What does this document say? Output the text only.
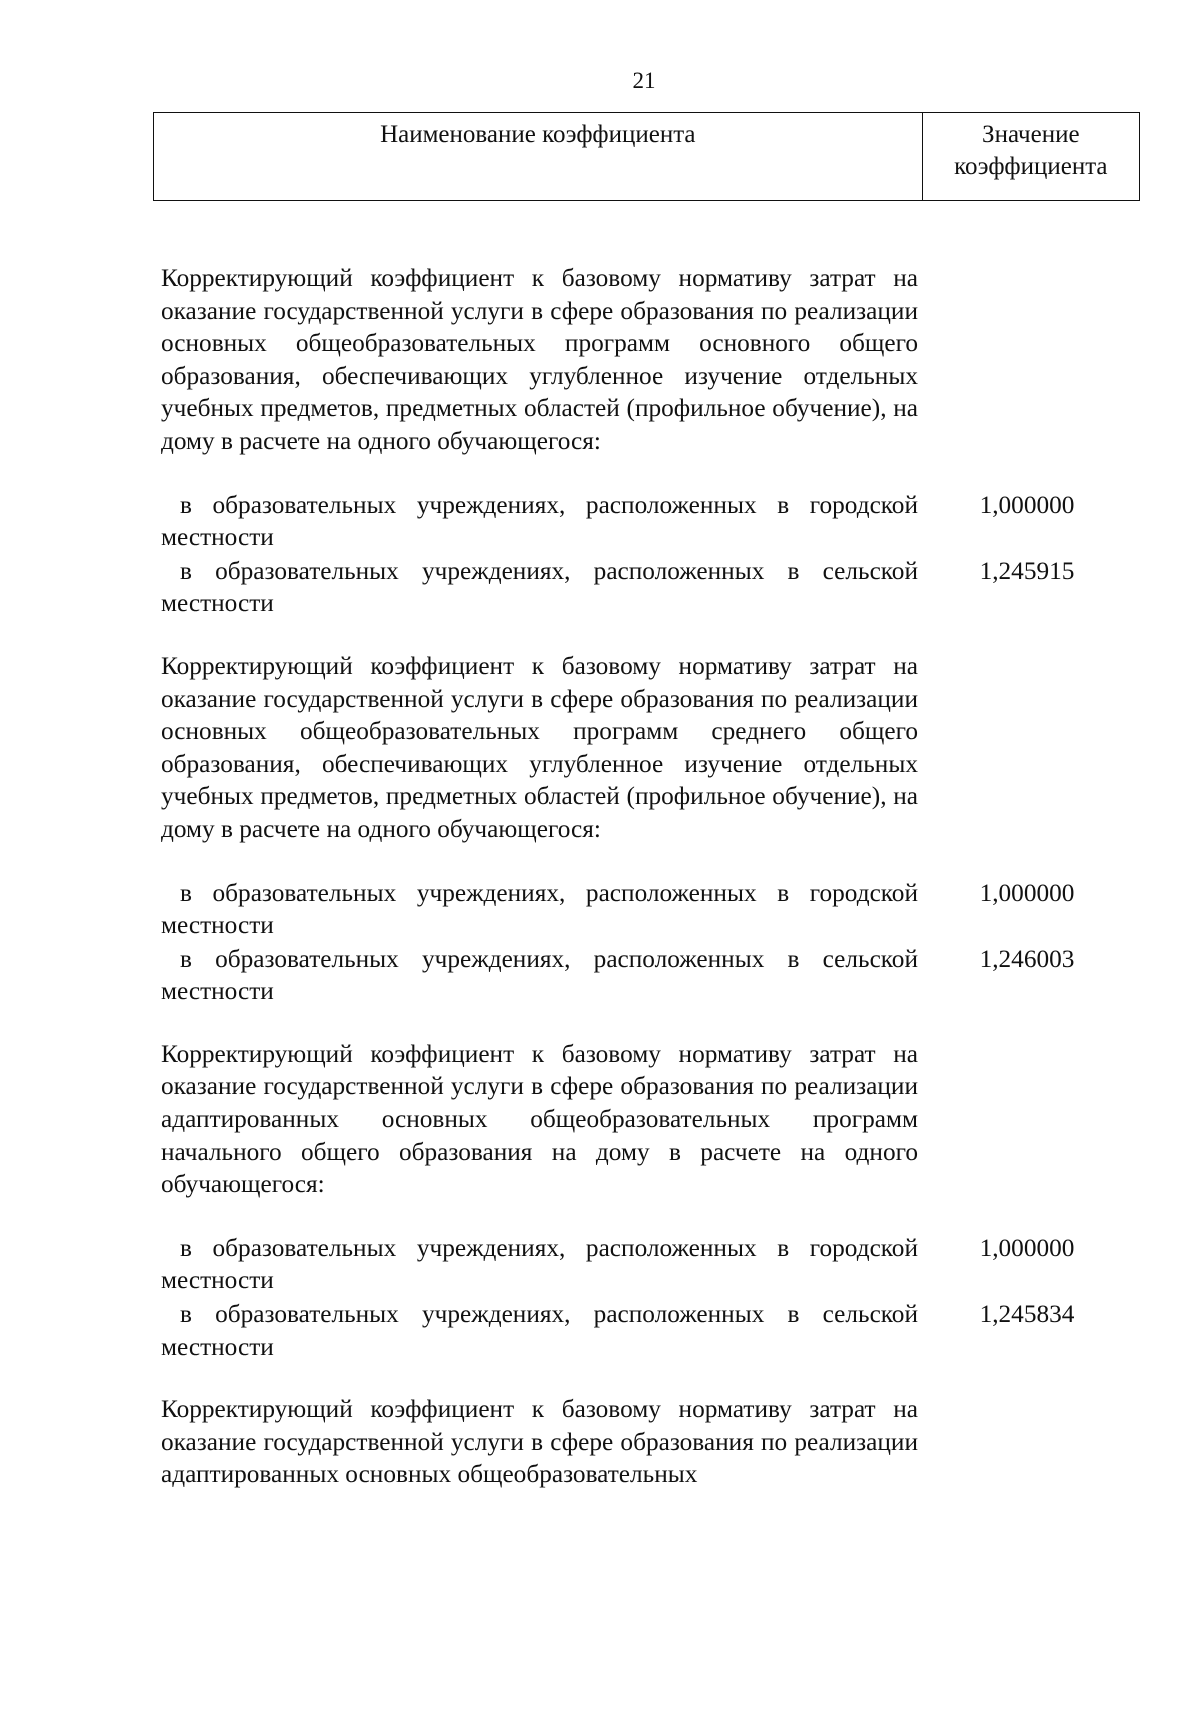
21
Наименование коэффициента	Значение
коэффициента

Корректирующий коэффициент к базовому нормативу затрат на оказание государственной услуги в сфере образования по реализации основных общеобразовательных программ основного общего образования, обеспечивающих углубленное изучение отдельных учебных предметов, предметных областей (профильное обучение), на дому в расчете на одного обучающегося:

в образовательных учреждениях, расположенных в городской местности
1,000000
в образовательных учреждениях, расположенных в сельской местности
1,245915

Корректирующий коэффициент к базовому нормативу затрат на оказание государственной услуги в сфере образования по реализации основных общеобразовательных программ среднего общего образования, обеспечивающих углубленное изучение отдельных учебных предметов, предметных областей (профильное обучение), на дому в расчете на одного обучающегося:

в образовательных учреждениях, расположенных в городской местности
1,000000
в образовательных учреждениях, расположенных в сельской местности
1,246003

Корректирующий коэффициент к базовому нормативу затрат на оказание государственной услуги в сфере образования по реализации адаптированных основных общеобразовательных программ начального общего образования на дому в расчете на одного обучающегося:

в образовательных учреждениях, расположенных в городской местности
1,000000
в образовательных учреждениях, расположенных в сельской местности
1,245834

Корректирующий коэффициент к базовому нормативу затрат на оказание государственной услуги в сфере образования по реализации адаптированных основных общеобразовательных
